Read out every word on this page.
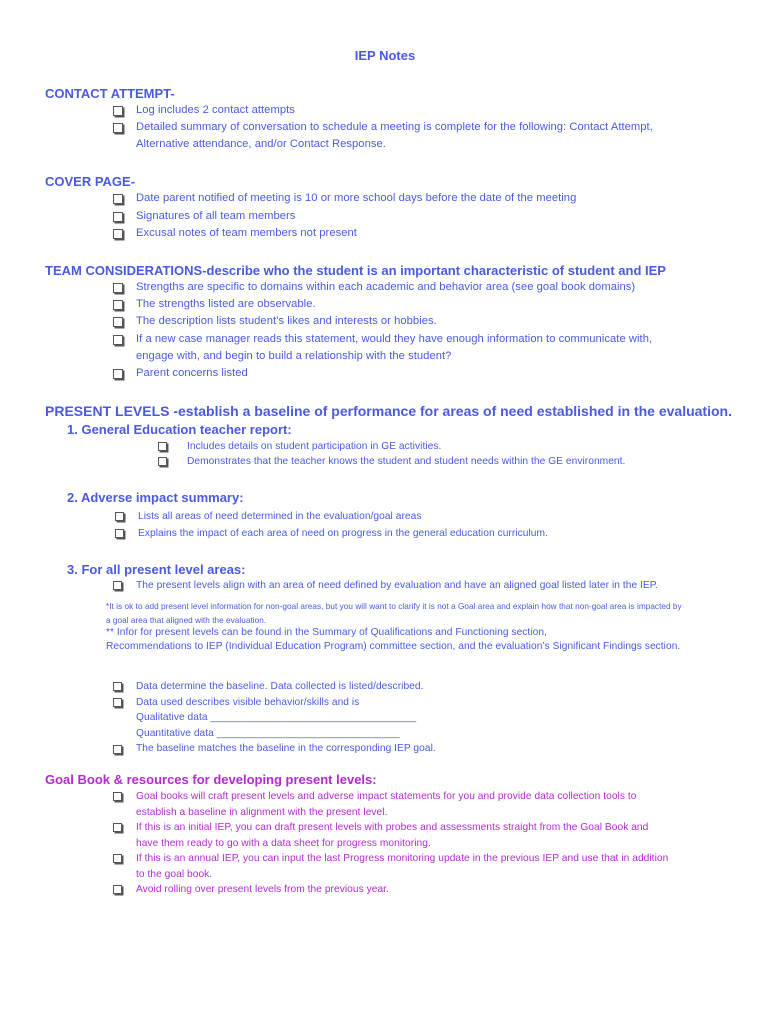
IEP Notes
CONTACT ATTEMPT-
Log includes 2 contact attempts
Detailed summary of conversation to schedule a meeting is complete for the following: Contact Attempt,
Alternative attendance, and/or Contact Response.
COVER PAGE-
Date parent notified of meeting is 10 or more school days before the date of the meeting
Signatures of all team members
Excusal notes of team members not present
TEAM CONSIDERATIONS-describe who the student is an important characteristic of student and IEP
Strengths are specific to domains within each academic and behavior area (see goal book domains)
The strengths listed are observable.
The description lists student’s likes and interests or hobbies.
If a new case manager reads this statement, would they have enough information to communicate with,
engage with, and begin to build a relationship with the student?
Parent concerns listed
PRESENT LEVELS -establish a baseline of performance for areas of need established in the evaluation.
1. General Education teacher report:
Includes details on student participation in GE activities.
Demonstrates that the teacher knows the student and student needs within the GE environment.
2. Adverse impact summary:
Lists all areas of need determined in the evaluation/goal areas
Explains the impact of each area of need on progress in the general education curriculum.
3. For all present level areas:
The present levels align with an area of need defined by evaluation and have an aligned goal listed later in the IEP.
*It is ok to add present level information for non-goal areas, but you will want to clarify it is not a Goal area and explain how that non-goal area is impacted by
a goal area that aligned with the evaluation.
** Infor for present levels can be found in the Summary of Qualifications and Functioning section,
Recommendations to IEP (Individual Education Program) committee section, and the evaluation’s Significant Findings section.
Data determine the baseline. Data collected is listed/described.
Data used describes visible behavior/skills and is
Qualitative data ____________________________________
Quantitative data ________________________________
The baseline matches the baseline in the corresponding IEP goal.
Goal Book & resources for developing present levels:
Goal books will craft present levels and adverse impact statements for you and provide data collection tools to
establish a baseline in alignment with the present level.
If this is an initial IEP, you can draft present levels with probes and assessments straight from the Goal Book and
have them ready to go with a data sheet for progress monitoring.
If this is an annual IEP, you can input the last Progress monitoring update in the previous IEP and use that in addition
to the goal book.
Avoid rolling over present levels from the previous year.
